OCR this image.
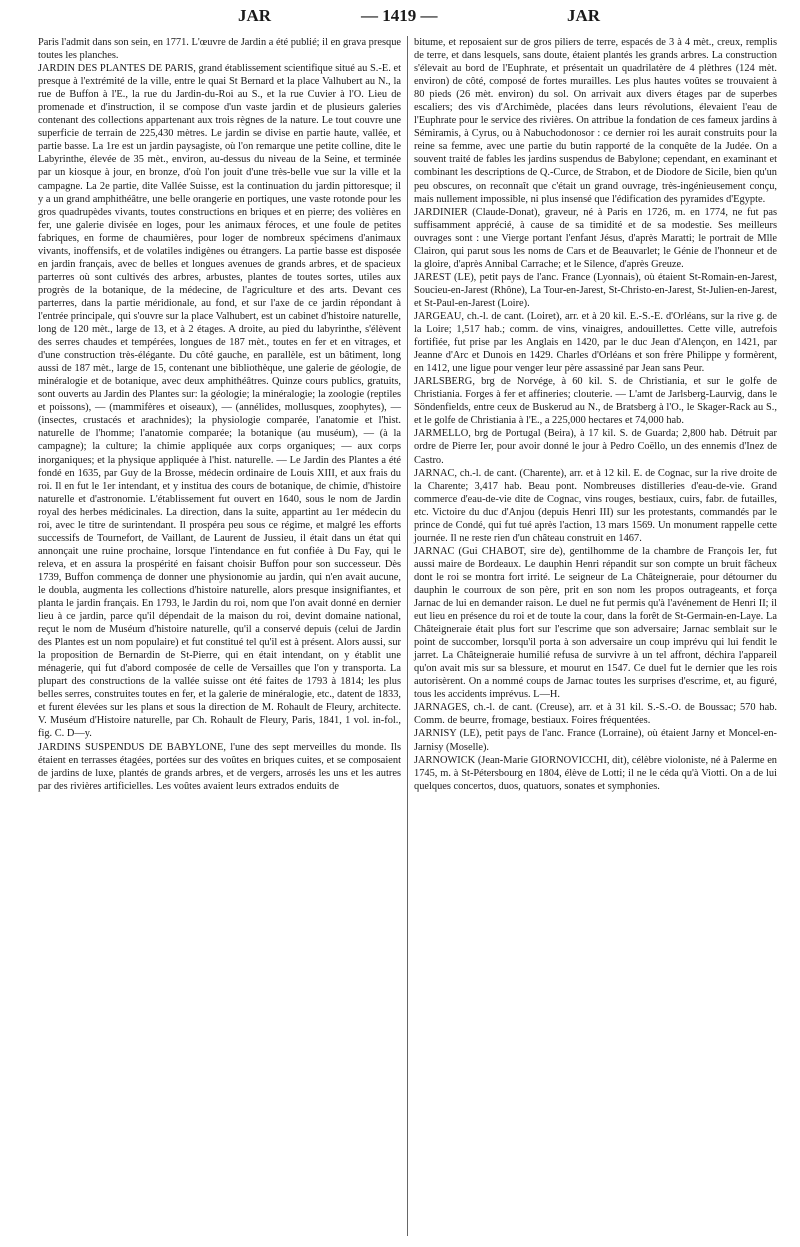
JAR	— 1419 —	JAR

Paris l'admit dans son sein, en 1771. L'œuvre de Jardin a été publié; il en grava presque toutes les planches.

JARDIN DES PLANTES DE PARIS, grand établissement scientifique situé au S.-E. et presque à l'extrémité de la ville, entre le quai St Bernard et la place Valhubert au N., la rue de Buffon à l'E., la rue du Jardin-du-Roi au S., et la rue Cuvier à l'O. Lieu de promenade et d'instruction, il se compose d'un vaste jardin et de plusieurs galeries contenant des collections appartenant aux trois règnes de la nature. Le tout couvre une superficie de terrain de 225,430 mètres. Le jardin se divise en partie haute, vallée, et partie basse. La 1re est un jardin paysagiste, où l'on remarque une petite colline, dite le Labyrinthe, élevée de 35 mèt., environ, au-dessus du niveau de la Seine, et terminée par un kiosque à jour, en bronze, d'où l'on jouit d'une très-belle vue sur la ville et la campagne. La 2e partie, dite Vallée Suisse, est la continuation du jardin pittoresque; il y a un grand amphithéâtre, une belle orangerie en portiques, une vaste rotonde pour les gros quadrupèdes vivants, toutes constructions en briques et en pierre; des volières en fer, une galerie divisée en loges, pour les animaux féroces, et une foule de petites fabriques, en forme de chaumières, pour loger de nombreux spécimens d'animaux vivants, inoffensifs, et de volatiles indigènes ou étrangers. La partie basse est disposée en jardin français, avec de belles et longues avenues de grands arbres, et de spacieux parterres où sont cultivés des arbres, arbustes, plantes de toutes sortes, utiles aux progrès de la botanique, de la médecine, de l'agriculture et des arts. Devant ces parterres, dans la partie méridionale, au fond, et sur l'axe de ce jardin répondant à l'entrée principale, qui s'ouvre sur la place Valhubert, est un cabinet d'histoire naturelle, long de 120 mèt., large de 13, et à 2 étages. A droite, au pied du labyrinthe, s'élèvent des serres chaudes et tempérées, longues de 187 mèt., toutes en fer et en vitrages, et d'une construction très-élégante. Du côté gauche, en parallèle, est un bâtiment, long aussi de 187 mèt., large de 15, contenant une bibliothèque, une galerie de géologie, de minéralogie et de botanique, avec deux amphithéâtres. Quinze cours publics, gratuits, sont ouverts au Jardin des Plantes sur: la géologie; la minéralogie; la zoologie (reptiles et poissons), — (mammifères et oiseaux), — (annélides, mollusques, zoophytes), — (insectes, crustacés et arachnides); la physiologie comparée, l'anatomie et l'hist. naturelle de l'homme; l'anatomie comparée; la botanique (au muséum), — (à la campagne); la culture; la chimie appliquée aux corps organiques; — aux corps inorganiques; et la physique appliquée à l'hist. naturelle. — Le Jardin des Plantes a été fondé en 1635, par Guy de la Brosse, médecin ordinaire de Louis XIII, et aux frais du roi. Il en fut le 1er intendant, et y institua des cours de botanique, de chimie, d'histoire naturelle et d'astronomie. L'établissement fut ouvert en 1640, sous le nom de Jardin royal des herbes médicinales. La direction, dans la suite, appartint au 1er médecin du roi, avec le titre de surintendant. Il prospéra peu sous ce régime, et malgré les efforts successifs de Tournefort, de Vaillant, de Laurent de Jussieu, il était dans un état qui annonçait une ruine prochaine, lorsque l'intendance en fut confiée à Du Fay, qui le releva, et en assura la prospérité en faisant choisir Buffon pour son successeur. Dès 1739, Buffon commença de donner une physionomie au jardin, qui n'en avait aucune, le doubla, augmenta les collections d'histoire naturelle, alors presque insignifiantes, et planta le jardin français. En 1793, le Jardin du roi, nom que l'on avait donné en dernier lieu à ce jardin, parce qu'il dépendait de la maison du roi, devint domaine national, reçut le nom de Muséum d'histoire naturelle, qu'il a conservé depuis (celui de Jardin des Plantes est un nom populaire) et fut constitué tel qu'il est à présent. Alors aussi, sur la proposition de Bernardin de St-Pierre, qui en était intendant, on y établit une ménagerie, qui fut d'abord composée de celle de Versailles que l'on y transporta. La plupart des constructions de la vallée suisse ont été faites de 1793 à 1814; les plus belles serres, construites toutes en fer, et la galerie de minéralogie, etc., datent de 1833, et furent élevées sur les plans et sous la direction de M. Rohault de Fleury, architecte. V. Muséum d'Histoire naturelle, par Ch. Rohault de Fleury, Paris, 1841, 1 vol. in-fol., fig. C. D—y.

JARDINS SUSPENDUS DE BABYLONE, l'une des sept merveilles du monde. Ils étaient en terrasses étagées, portées sur des voûtes en briques cuites, et se composaient de jardins de luxe, plantés de grands arbres, et de vergers, arrosés les uns et les autres par des rivières artificielles. Les voûtes avaient leurs extrados enduits de

bitume, et reposaient sur de gros piliers de terre, espacés de 3 à 4 mèt., creux, remplis de terre, et dans lesquels, sans doute, étaient plantés les grands arbres. La construction s'élevait au bord de l'Euphrate, et présentait un quadrilatère de 4 plèthres (124 mèt. environ) de côté, composé de fortes murailles. Les plus hautes voûtes se trouvaient à 80 pieds (26 mèt. environ) du sol. On arrivait aux divers étages par de superbes escaliers; des vis d'Archimède, placées dans leurs révolutions, élevaient l'eau de l'Euphrate pour le service des rivières. On attribue la fondation de ces fameux jardins à Sémiramis, à Cyrus, ou à Nabuchodonosor : ce dernier roi les aurait construits pour la reine sa femme, avec une partie du butin rapporté de la conquête de la Judée. On a souvent traité de fables les jardins suspendus de Babylone; cependant, en examinant et combinant les descriptions de Q.-Curce, de Strabon, et de Diodore de Sicile, bien qu'un peu obscures, on reconnaît que c'était un grand ouvrage, très-ingénieusement conçu, mais nullement impossible, ni plus insensé que l'édification des pyramides d'Egypte.

JARDINIER (Claude-Donat), graveur, né à Paris en 1726, m. en 1774, ne fut pas suffisamment apprécié, à cause de sa timidité et de sa modestie. Ses meilleurs ouvrages sont : une Vierge portant l'enfant Jésus, d'après Maratti; le portrait de Mlle Clairon, qui parut sous les noms de Cars et de Beauvarlet; le Génie de l'honneur et de la gloire, d'après Annibal Carrache; et le Silence, d'après Greuze.

JAREST (LE), petit pays de l'anc. France (Lyonnais), où étaient St-Romain-en-Jarest, Soucieu-en-Jarest (Rhône), La Tour-en-Jarest, St-Christo-en-Jarest, St-Julien-en-Jarest, et St-Paul-en-Jarest (Loire).

JARGEAU, ch.-l. de cant. (Loiret), arr. et à 20 kil. E.-S.-E. d'Orléans, sur la rive g. de la Loire; 1,517 hab.; comm. de vins, vinaigres, andouillettes. Cette ville, autrefois fortifiée, fut prise par les Anglais en 1420, par le duc Jean d'Alençon, en 1421, par Jeanne d'Arc et Dunois en 1429. Charles d'Orléans et son frère Philippe y formèrent, en 1412, une ligue pour venger leur père assassiné par Jean sans Peur.

JARLSBERG, brg de Norvége, à 60 kil. S. de Christiania, et sur le golfe de Christiania. Forges à fer et affineries; clouterie. — L'amt de Jarlsberg-Laurvig, dans le Söndenfields, entre ceux de Buskerud au N., de Bratsberg à l'O., le Skager-Rack au S., et le golfe de Christiania à l'E., a 225,000 hectares et 74,000 hab.

JARMELLO, brg de Portugal (Beira), à 17 kil. S. de Guarda; 2,800 hab. Détruit par ordre de Pierre Ier, pour avoir donné le jour à Pedro Coëllo, un des ennemis d'Inez de Castro.

JARNAC, ch.-l. de cant. (Charente), arr. et à 12 kil. E. de Cognac, sur la rive droite de la Charente; 3,417 hab. Beau pont. Nombreuses distilleries d'eau-de-vie. Grand commerce d'eau-de-vie dite de Cognac, vins rouges, bestiaux, cuirs, fabr. de futailles, etc. Victoire du duc d'Anjou (depuis Henri III) sur les protestants, commandés par le prince de Condé, qui fut tué après l'action, 13 mars 1569. Un monument rappelle cette journée. Il ne reste rien d'un château construit en 1467.

JARNAC (Gui CHABOT, sire de), gentilhomme de la chambre de François Ier, fut aussi maire de Bordeaux. Le dauphin Henri répandit sur son compte un bruit fâcheux dont le roi se montra fort irrité. Le seigneur de La Châteigneraie, pour détourner du dauphin le courroux de son père, prit en son nom les propos outrageants, et força Jarnac de lui en demander raison. Le duel ne fut permis qu'à l'avénement de Henri II; il eut lieu en présence du roi et de toute la cour, dans la forêt de St-Germain-en-Laye. La Châteigneraie était plus fort sur l'escrime que son adversaire; Jarnac semblait sur le point de succomber, lorsqu'il porta à son adversaire un coup imprévu qui lui fendit le jarret. La Châteigneraie humilié refusa de survivre à un tel affront, déchira l'appareil qu'on avait mis sur sa blessure, et mourut en 1547. Ce duel fut le dernier que les rois autorisèrent. On a nommé coups de Jarnac toutes les surprises d'escrime, et, au figuré, tous les accidents imprévus. L—H.

JARNAGES, ch.-l. de cant. (Creuse), arr. et à 31 kil. S.-S.-O. de Boussac; 570 hab. Comm. de beurre, fromage, bestiaux. Foires fréquentées.

JARNISY (LE), petit pays de l'anc. France (Lorraine), où étaient Jarny et Moncel-en-Jarnisy (Moselle).

JARNOWICK (Jean-Marie GIORNOVICCHI, dit), célèbre violoniste, né à Palerme en 1745, m. à St-Pétersbourg en 1804, élève de Lotti; il ne le céda qu'à Viotti. On a de lui quelques concertos, duos, quatuors, sonates et symphonies.
